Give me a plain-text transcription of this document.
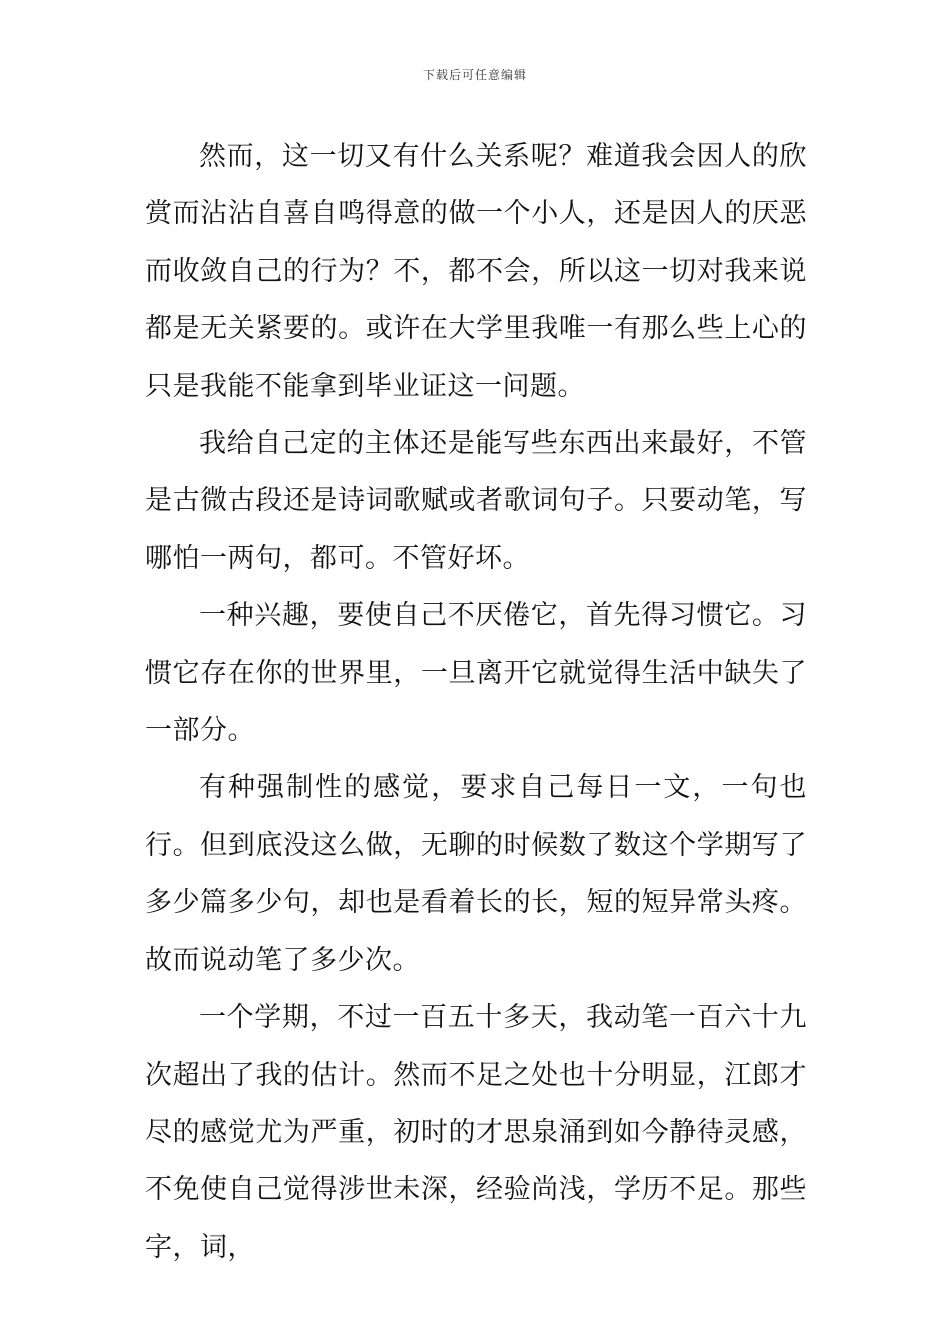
下载后可任意编辑

然而，这一切又有什么关系呢？难道我会因人的欣赏而沾沾自喜自鸣得意的做一个小人，还是因人的厌恶而收敛自己的行为？不，都不会，所以这一切对我来说都是无关紧要的。或许在大学里我唯一有那么些上心的只是我能不能拿到毕业证这一问题。

我给自己定的主体还是能写些东西出来最好，不管是古微古段还是诗词歌赋或者歌词句子。只要动笔，写哪怕一两句，都可。不管好坏。

一种兴趣，要使自己不厌倦它，首先得习惯它。习惯它存在你的世界里，一旦离开它就觉得生活中缺失了一部分。

有种强制性的感觉，要求自己每日一文，一句也行。但到底没这么做，无聊的时候数了数这个学期写了多少篇多少句，却也是看着长的长，短的短异常头疼。故而说动笔了多少次。

一个学期，不过一百五十多天，我动笔一百六十九次超出了我的估计。然而不足之处也十分明显，江郎才尽的感觉尤为严重，初时的才思泉涌到如今静待灵感，不免使自己觉得涉世未深，经验尚浅，学历不足。那些字，词，
